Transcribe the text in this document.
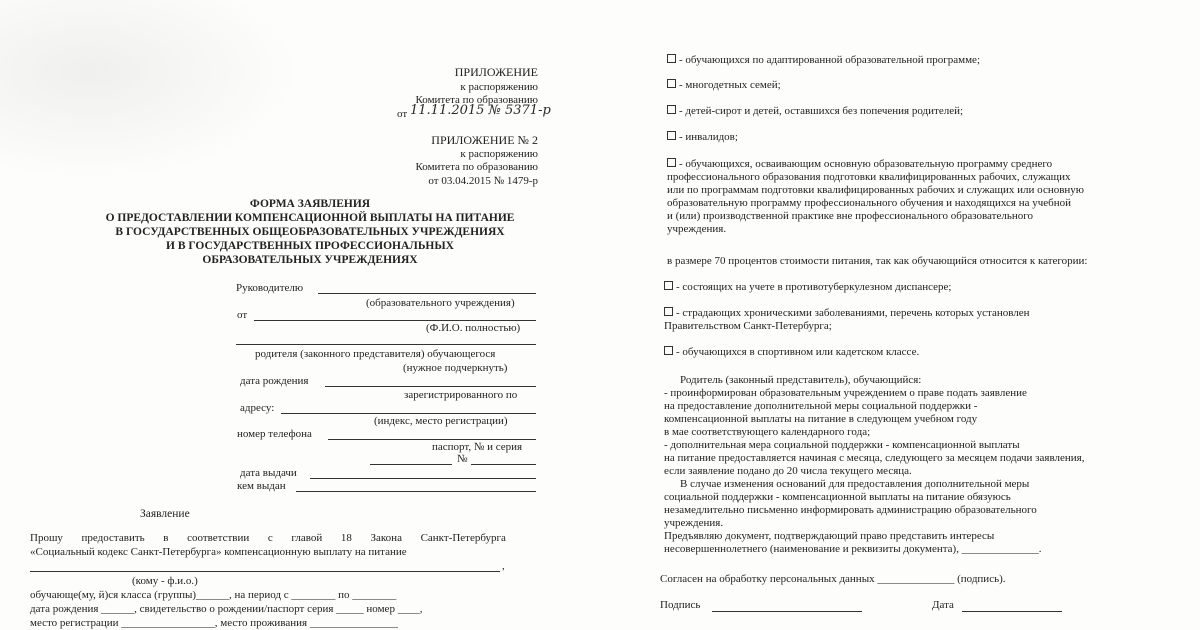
ПРИЛОЖЕНИЕ
к распоряжению
Комитета по образованию
от 11.11.2015 № 5371-р
ПРИЛОЖЕНИЕ № 2
к распоряжению
Комитета по образованию
от 03.04.2015 № 1479-р
ФОРМА ЗАЯВЛЕНИЯ
О ПРЕДОСТАВЛЕНИИ КОМПЕНСАЦИОННОЙ ВЫПЛАТЫ НА ПИТАНИЕ
В ГОСУДАРСТВЕННЫХ ОБЩЕОБРАЗОВАТЕЛЬНЫХ УЧРЕЖДЕНИЯХ
И В ГОСУДАРСТВЕННЫХ ПРОФЕССИОНАЛЬНЫХ
ОБРАЗОВАТЕЛЬНЫХ УЧРЕЖДЕНИЯХ
Руководителю
(образовательного учреждения)
от
(Ф.И.О. полностью)
родителя (законного представителя) обучающегося
(нужное подчеркнуть)
дата рождения
зарегистрированного по
адресу:
(индекс, место регистрации)
номер телефона
паспорт, № и серия
№
дата выдачи
кем выдан
Заявление
Прошу предоставить в соответствии с главой 18 Закона Санкт-Петербурга
«Социальный кодекс Санкт-Петербурга» компенсационную выплату на питание
,
(кому - ф.и.о.)
обучающе(му, й)ся класса (группы)______, на период с ________ по ________
дата рождения ______, свидетельство о рождении/паспорт серия _____ номер ____,
место регистрации _________________, место проживания ________________
- обучающихся по адаптированной образовательной программе;
- многодетных семей;
- детей-сирот и детей, оставшихся без попечения родителей;
- инвалидов;
- обучающихся, осваивающим основную образовательную программу среднего
профессионального образования подготовки квалифицированных рабочих, служащих
или по программам подготовки квалифицированных рабочих и служащих или основную
образовательную программу профессионального обучения и находящихся на учебной
и (или) производственной практике вне профессионального образовательного
учреждения.
в размере 70 процентов стоимости питания, так как обучающийся относится к категории:
- состоящих на учете в противотуберкулезном диспансере;
- страдающих хроническими заболеваниями, перечень которых установлен
Правительством Санкт-Петербурга;
- обучающихся в спортивном или кадетском классе.
Родитель (законный представитель), обучающийся:
- проинформирован образовательным учреждением о праве подать заявление
на предоставление дополнительной меры социальной поддержки -
компенсационной выплаты на питание в следующем учебном году
в мае соответствующего календарного года;
- дополнительная мера социальной поддержки - компенсационной выплаты
на питание предоставляется начиная с месяца, следующего за месяцем подачи заявления,
если заявление подано до 20 числа текущего месяца.
В случае изменения оснований для предоставления дополнительной меры
социальной поддержки - компенсационной выплаты на питание обязуюсь
незамедлительно письменно информировать администрацию образовательного
учреждения.
Предъявляю документ, подтверждающий право представить интересы
несовершеннолетнего (наименование и реквизиты документа), ______________.
Согласен на обработку персональных данных ______________ (подпись).
Подпись	Дата
